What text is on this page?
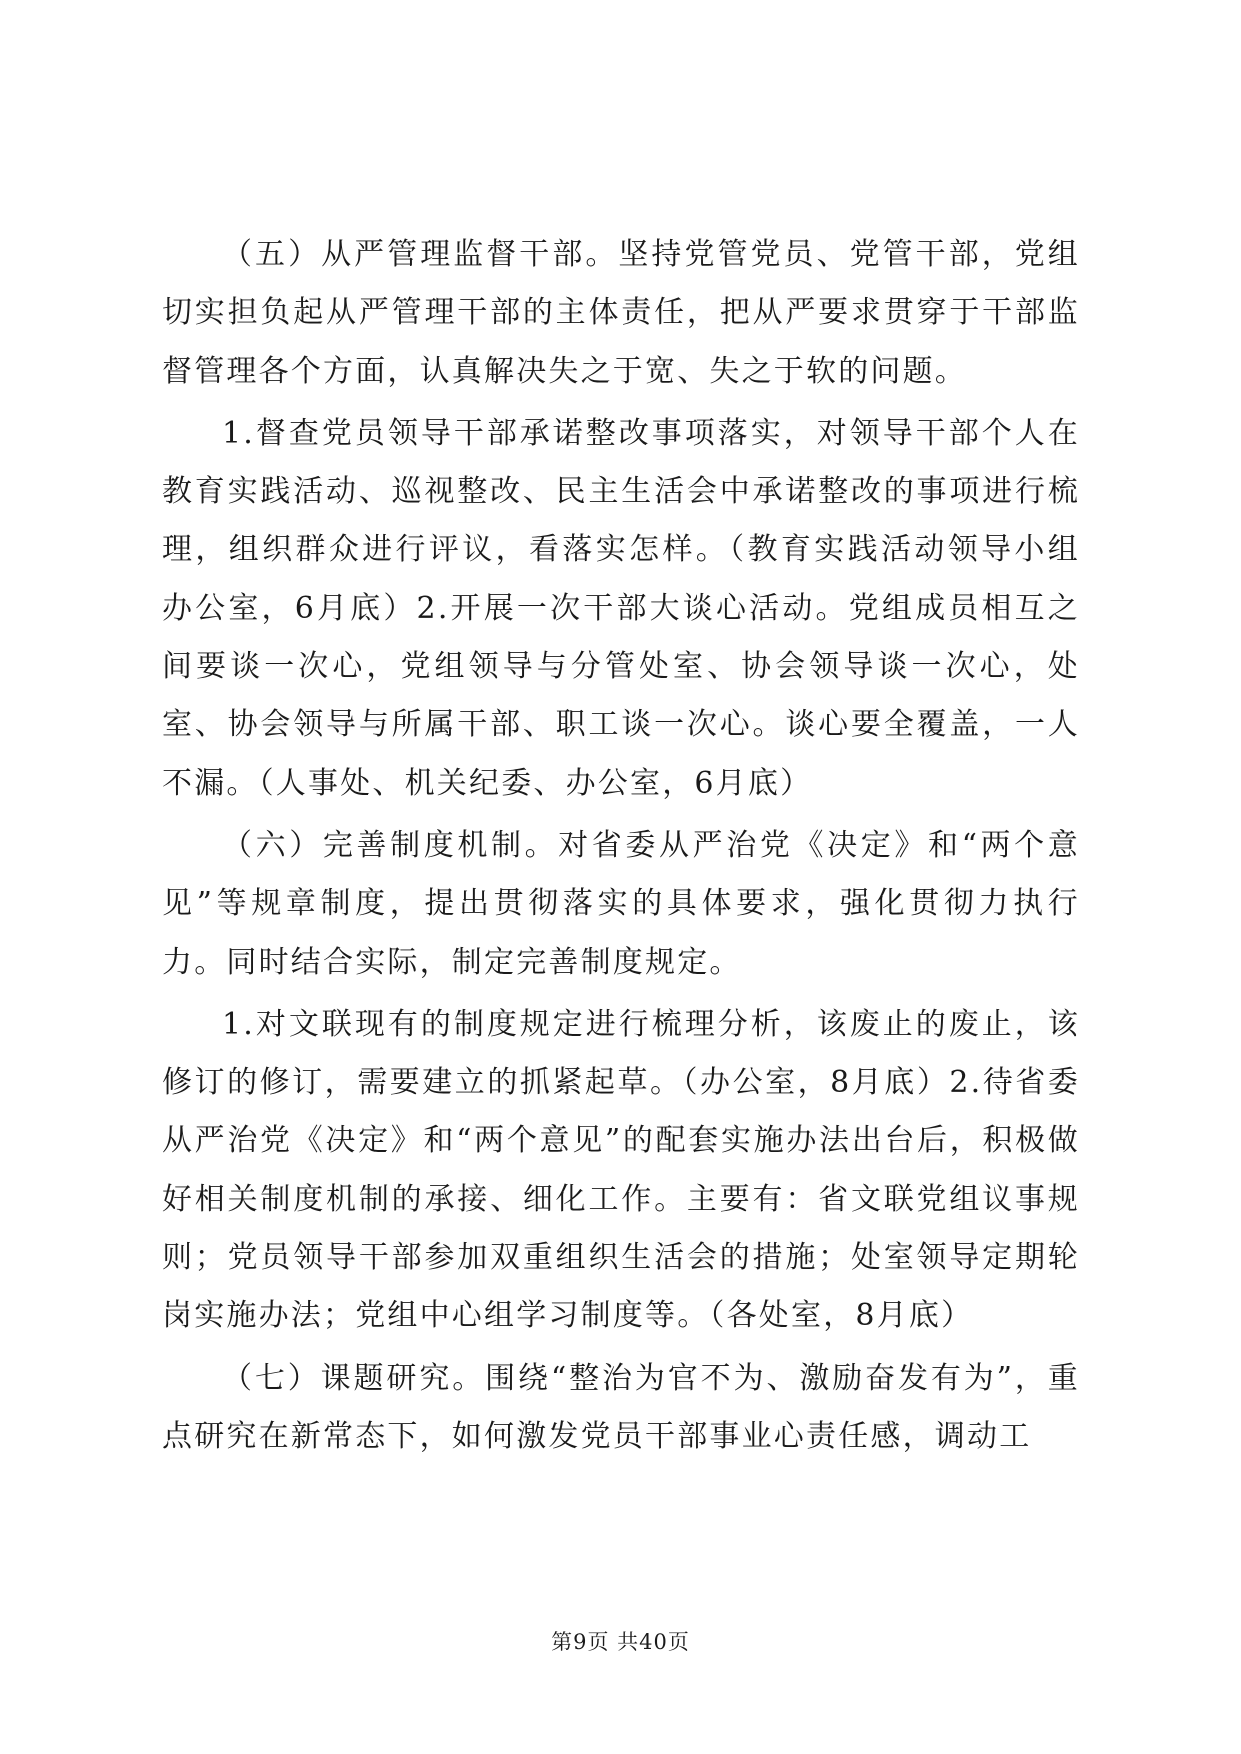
（五）从严管理监督干部。坚持党管党员、党管干部，党组切实担负起从严管理干部的主体责任，把从严要求贯穿于干部监督管理各个方面，认真解决失之于宽、失之于软的问题。

1.督查党员领导干部承诺整改事项落实，对领导干部个人在教育实践活动、巡视整改、民主生活会中承诺整改的事项进行梳理，组织群众进行评议，看落实怎样。（教育实践活动领导小组办公室，6月底）2.开展一次干部大谈心活动。党组成员相互之间要谈一次心，党组领导与分管处室、协会领导谈一次心，处室、协会领导与所属干部、职工谈一次心。谈心要全覆盖，一人不漏。（人事处、机关纪委、办公室，6月底）

（六）完善制度机制。对省委从严治党《决定》和“两个意见”等规章制度，提出贯彻落实的具体要求，强化贯彻力执行力。同时结合实际，制定完善制度规定。

1.对文联现有的制度规定进行梳理分析，该废止的废止，该修订的修订，需要建立的抓紧起草。（办公室，8月底）2.待省委从严治党《决定》和“两个意见”的配套实施办法出台后，积极做好相关制度机制的承接、细化工作。主要有：省文联党组议事规则；党员领导干部参加双重组织生活会的措施；处室领导定期轮岗实施办法；党组中心组学习制度等。（各处室，8月底）

（七）课题研究。围绕“整治为官不为、激励奋发有为”，重点研究在新常态下，如何激发党员干部事业心责任感，调动工

第9页 共40页
